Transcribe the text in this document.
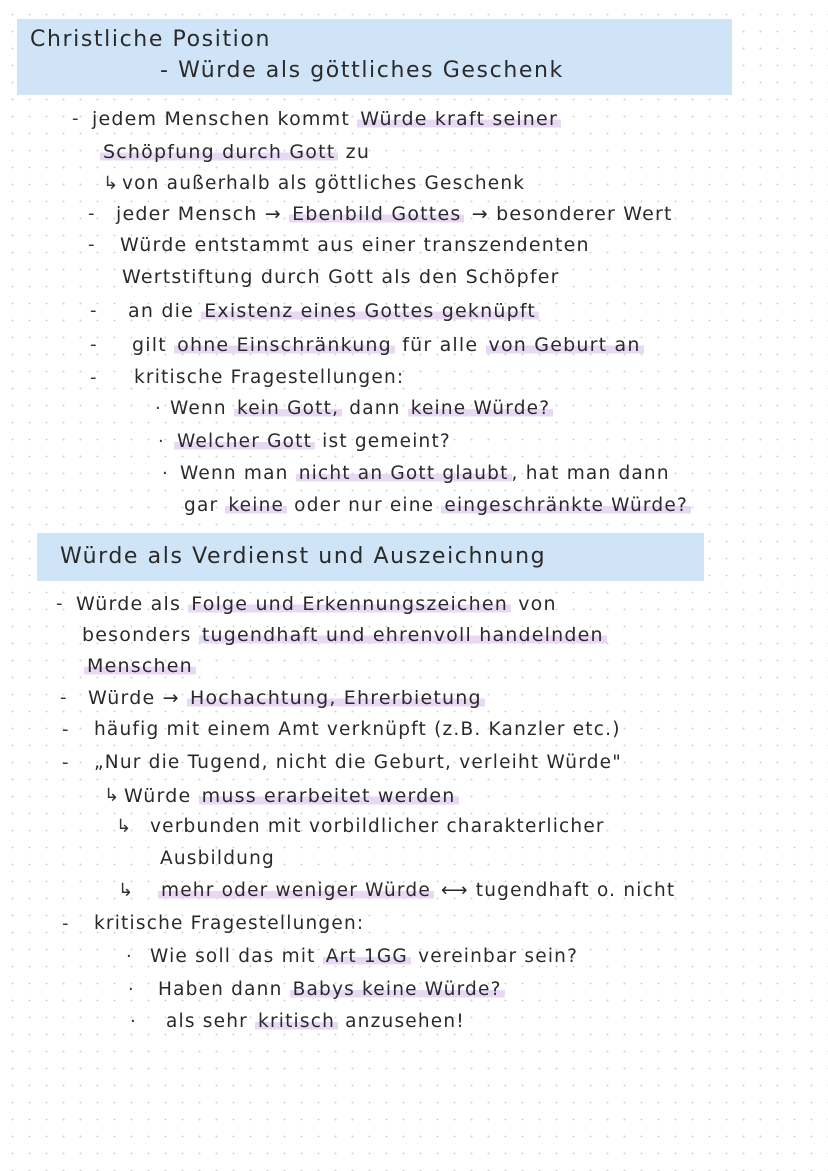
Christliche Position
- Würde als göttliches Geschenk
- jedem Menschen kommt Würde kraft seiner
Schöpfung durch Gott zu
↳ von außerhalb als göttliches Geschenk
- jeder Mensch → Ebenbild Gottes → besonderer Wert
- Würde entstammt aus einer transzendenten
Wertstiftung durch Gott als den Schöpfer
- an die Existenz eines Gottes geknüpft
- gilt ohne Einschränkung für alle von Geburt an
- kritische Fragestellungen:
· Wenn kein Gott, dann keine Würde?
· Welcher Gott ist gemeint?
· Wenn man nicht an Gott glaubt , hat man dann
gar keine oder nur eine eingeschränkte Würde?
Würde als Verdienst und Auszeichnung
- Würde als Folge und Erkennungszeichen von
besonders tugendhaft und ehrenvoll handelnden
Menschen
- Würde → Hochachtung, Ehrerbietung
- häufig mit einem Amt verknüpft (z.B. Kanzler etc.)
- „Nur die Tugend, nicht die Geburt, verleiht Würde"
↳ Würde muss erarbeitet werden
↳ verbunden mit vorbildlicher charakterlicher
Ausbildung
↳ mehr oder weniger Würde ⟷ tugendhaft o. nicht
- kritische Fragestellungen:
· Wie soll das mit Art 1GG vereinbar sein?
· Haben dann Babys keine Würde?
· als sehr kritisch anzusehen!
